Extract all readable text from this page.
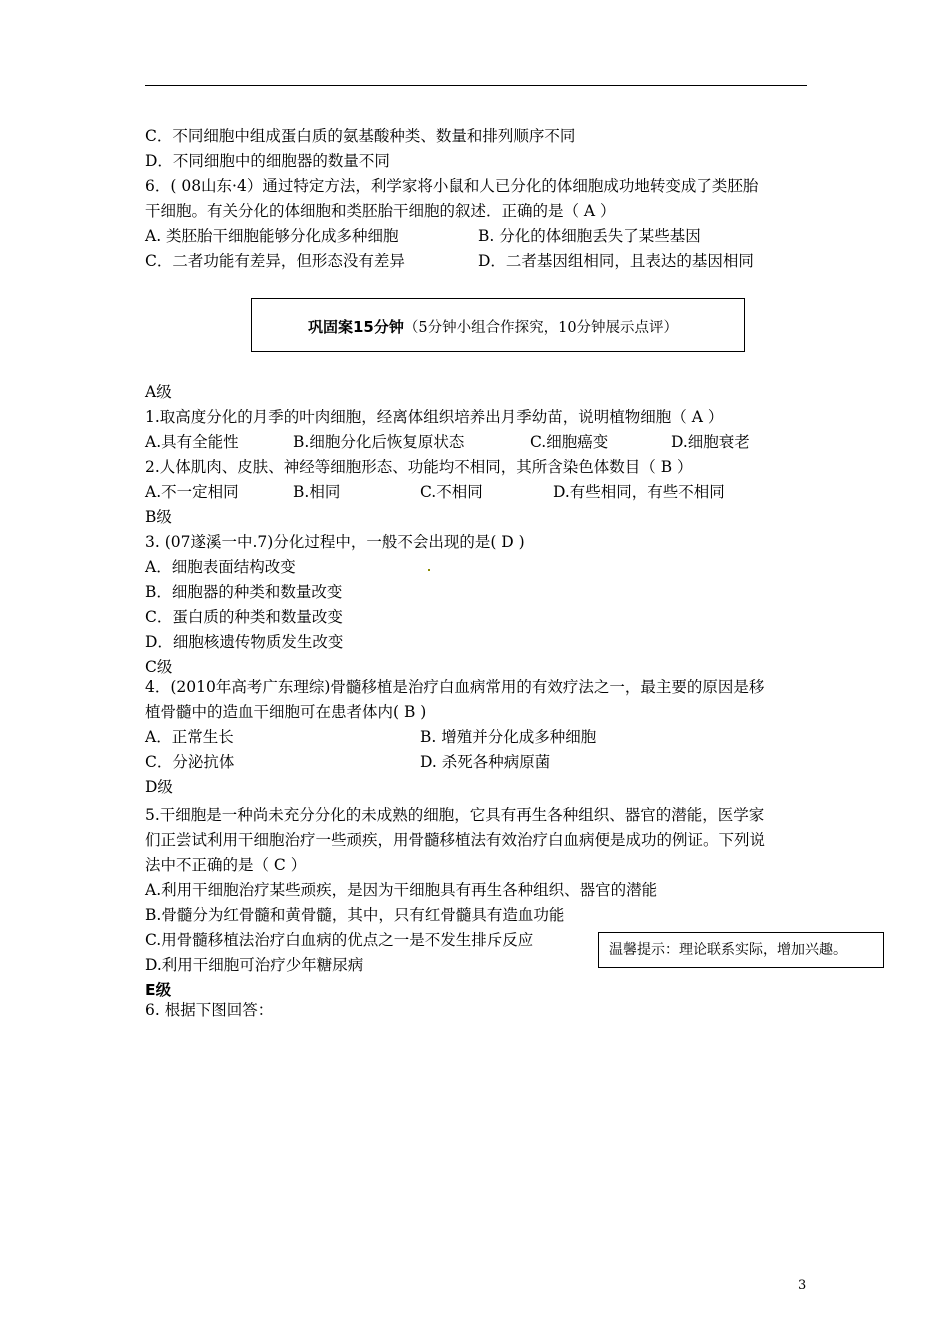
C．不同细胞中组成蛋白质的氨基酸种类、数量和排列顺序不同
D．不同细胞中的细胞器的数量不同
6．( 08山东·4）通过特定方法，利学家将小鼠和人已分化的体细胞成功地转变成了类胚胎
干细胞。有关分化的体细胞和类胚胎干细胞的叙述．正确的是（ A ）
A. 类胚胎干细胞能够分化成多种细胞	B. 分化的体细胞丢失了某些基因
C．二者功能有差异，但形态没有差异	D．二者基因组相同，且表达的基因相同
巩固案15分钟（5分钟小组合作探究，10分钟展示点评）
A级
1.取高度分化的月季的叶肉细胞，经离体组织培养出月季幼苗，说明植物细胞（ A ）
A.具有全能性	B.细胞分化后恢复原状态	C.细胞癌变	D.细胞衰老
2.人体肌肉、皮肤、神经等细胞形态、功能均不相同，其所含染色体数目（ B ）
A.不一定相同	B.相同	C.不相同	D.有些相同，有些不相同
B级
3. (07遂溪一中.7)分化过程中，一般不会出现的是( D )
A．细胞表面结构改变
B．细胞器的种类和数量改变
C．蛋白质的种类和数量改变
D．细胞核遗传物质发生改变
C级
4．(2010年高考广东理综)骨髓移植是治疗白血病常用的有效疗法之一，最主要的原因是移
植骨髓中的造血干细胞可在患者体内( B )
A．正常生长	B. 增殖并分化成多种细胞
C．分泌抗体	D. 杀死各种病原菌
D级
5.干细胞是一种尚未充分分化的未成熟的细胞，它具有再生各种组织、器官的潜能，医学家
们正尝试利用干细胞治疗一些顽疾，用骨髓移植法有效治疗白血病便是成功的例证。下列说
法中不正确的是（ C ）
A.利用干细胞治疗某些顽疾，是因为干细胞具有再生各种组织、器官的潜能
B.骨髓分为红骨髓和黄骨髓，其中，只有红骨髓具有造血功能
C.用骨髓移植法治疗白血病的优点之一是不发生排斥反应
D.利用干细胞可治疗少年糖尿病
温馨提示：理论联系实际，增加兴趣。
E级
6. 根据下图回答：
3
